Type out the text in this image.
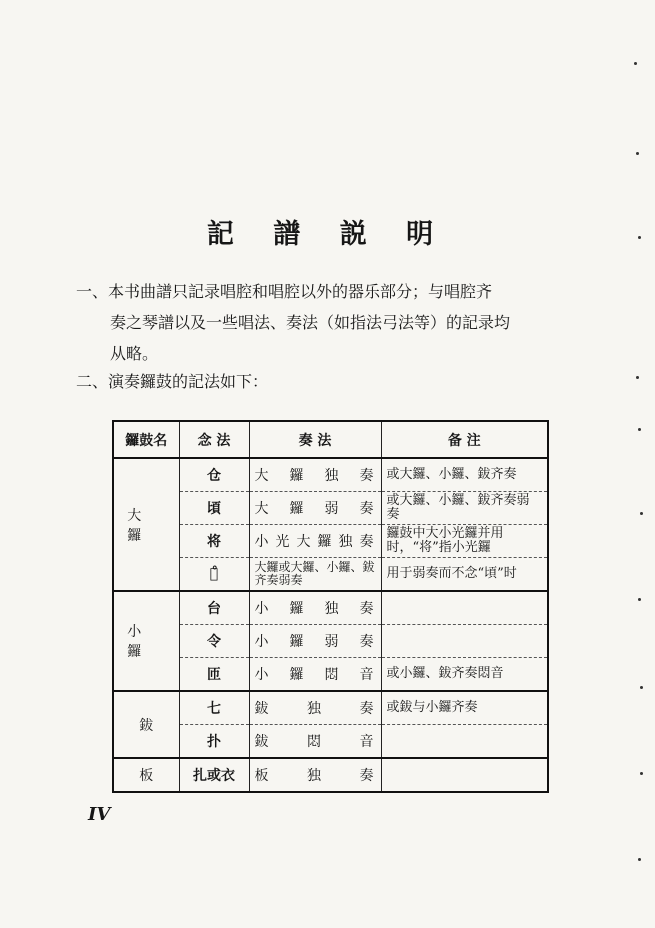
記 譜 説 明
一、本书曲譜只記录唱腔和唱腔以外的器乐部分；与唱腔齐
奏之琴譜以及一些唱法、奏法（如指法弓法等）的記录均
从略。
二、演奏鑼鼓的記法如下：
鑼鼓名	念 法	奏 法	备 注
大 鑼	仓	大鑼独奏	或大鑼、小鑼、鈸齐奏
	頃	大鑼弱奏	或大鑼、小鑼、鈸齐奏弱奏
	将	小光大鑼独奏	鑼鼓中大小光鑼并用时，“将”指小光鑼
	仓̊	大鑼或大鑼、小鑼、鈸齐奏弱奏	用于弱奏而不念“頃”时
小 鑼	台	小鑼独奏	
	令	小鑼弱奏	
	匝	小鑼悶音	或小鑼、鈸齐奏悶音
鈸	七	鈸独奏	或鈸与小鑼齐奏
	扑	鈸悶音	
板	扎或衣	板独奏	
IV
